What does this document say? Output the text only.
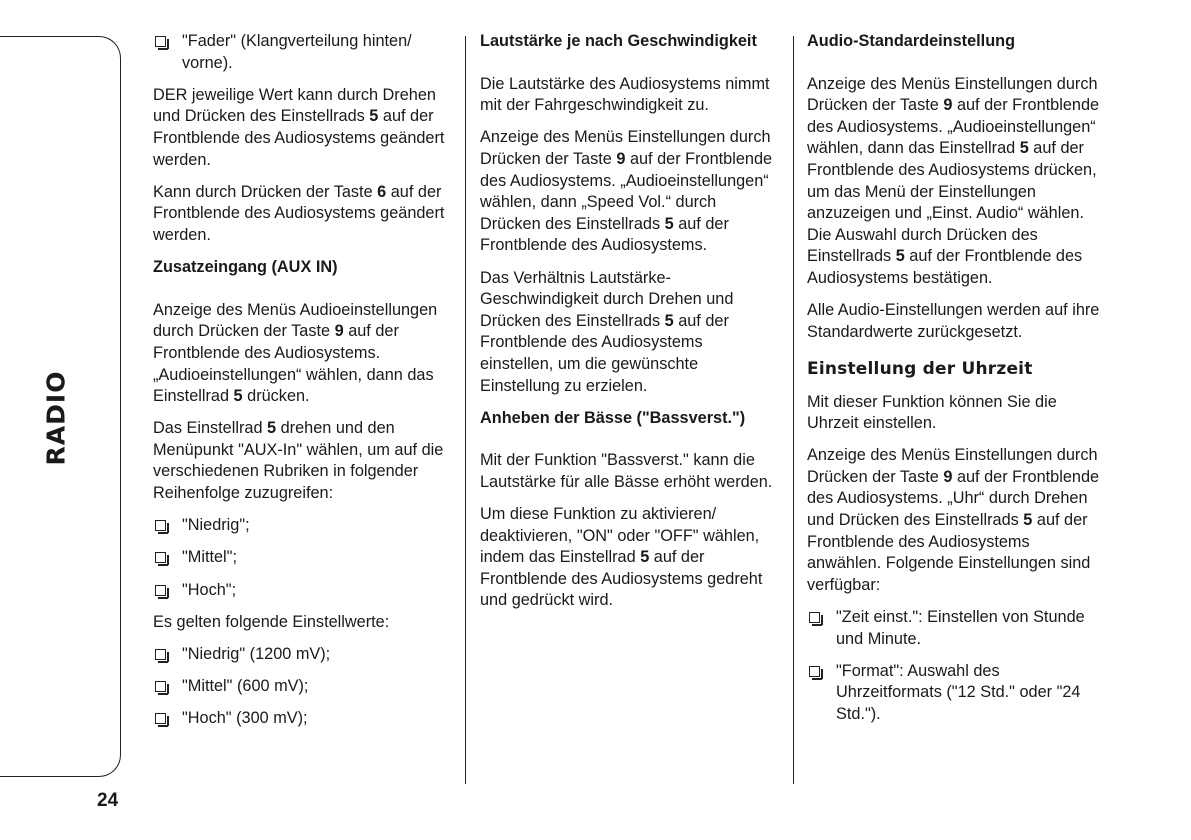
RADIO
24
"Fader" (Klangverteilung hinten/ vorne).

DER jeweilige Wert kann durch Drehen und Drücken des Einstellrads 5 auf der Frontblende des Audiosystems geändert werden.

Kann durch Drücken der Taste 6 auf der Frontblende des Audiosystems geändert werden.

Zusatzeingang (AUX IN)

Anzeige des Menüs Audioeinstellungen durch Drücken der Taste 9 auf der Frontblende des Audiosystems. „Audioeinstellungen“ wählen, dann das Einstellrad 5 drücken.

Das Einstellrad 5 drehen und den Menüpunkt "AUX-In" wählen, um auf die verschiedenen Rubriken in folgender Reihenfolge zuzugreifen:

"Niedrig";
"Mittel";
"Hoch";

Es gelten folgende Einstellwerte:

"Niedrig" (1200 mV);
"Mittel" (600 mV);
"Hoch" (300 mV);

Lautstärke je nach Geschwindigkeit

Die Lautstärke des Audiosystems nimmt mit der Fahrgeschwindigkeit zu.

Anzeige des Menüs Einstellungen durch Drücken der Taste 9 auf der Frontblende des Audiosystems. „Audioeinstellungen“ wählen, dann „Speed Vol.“ durch Drücken des Einstellrads 5 auf der Frontblende des Audiosystems.

Das Verhältnis Lautstärke-Geschwindigkeit durch Drehen und Drücken des Einstellrads 5 auf der Frontblende des Audiosystems einstellen, um die gewünschte Einstellung zu erzielen.

Anheben der Bässe ("Bassverst.")

Mit der Funktion "Bassverst." kann die Lautstärke für alle Bässe erhöht werden.

Um diese Funktion zu aktivieren/ deaktivieren, "ON" oder "OFF" wählen, indem das Einstellrad 5 auf der Frontblende des Audiosystems gedreht und gedrückt wird.

Audio-Standardeinstellung

Anzeige des Menüs Einstellungen durch Drücken der Taste 9 auf der Frontblende des Audiosystems. „Audioeinstellungen“ wählen, dann das Einstellrad 5 auf der Frontblende des Audiosystems drücken, um das Menü der Einstellungen anzuzeigen und „Einst. Audio“ wählen. Die Auswahl durch Drücken des Einstellrads 5 auf der Frontblende des Audiosystems bestätigen.

Alle Audio-Einstellungen werden auf ihre Standardwerte zurückgesetzt.

Einstellung der Uhrzeit

Mit dieser Funktion können Sie die Uhrzeit einstellen.

Anzeige des Menüs Einstellungen durch Drücken der Taste 9 auf der Frontblende des Audiosystems. „Uhr“ durch Drehen und Drücken des Einstellrads 5 auf der Frontblende des Audiosystems anwählen. Folgende Einstellungen sind verfügbar:

"Zeit einst.": Einstellen von Stunde und Minute.
"Format": Auswahl des Uhrzeitformats ("12 Std." oder "24 Std.").
